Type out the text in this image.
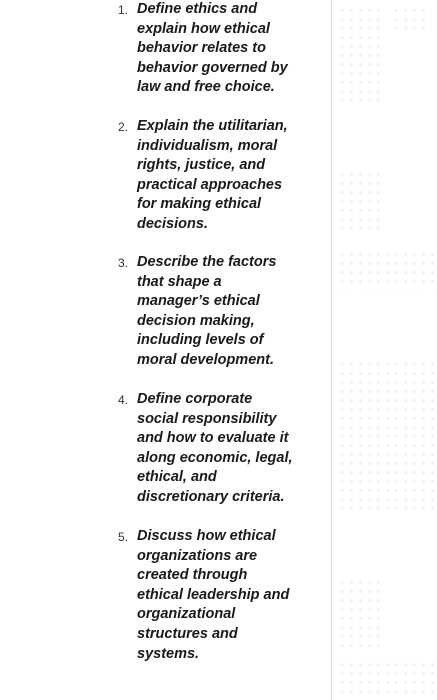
1. Define ethics and
explain how ethical
behavior relates to
behavior governed by
law and free choice.
2. Explain the utilitarian,
individualism, moral
rights, justice, and
practical approaches
for making ethical
decisions.
3. Describe the factors
that shape a
manager’s ethical
decision making,
including levels of
moral development.
4. Define corporate
social responsibility
and how to evaluate it
along economic, legal,
ethical, and
discretionary criteria.
5. Discuss how ethical
organizations are
created through
ethical leadership and
organizational
structures and
systems.
